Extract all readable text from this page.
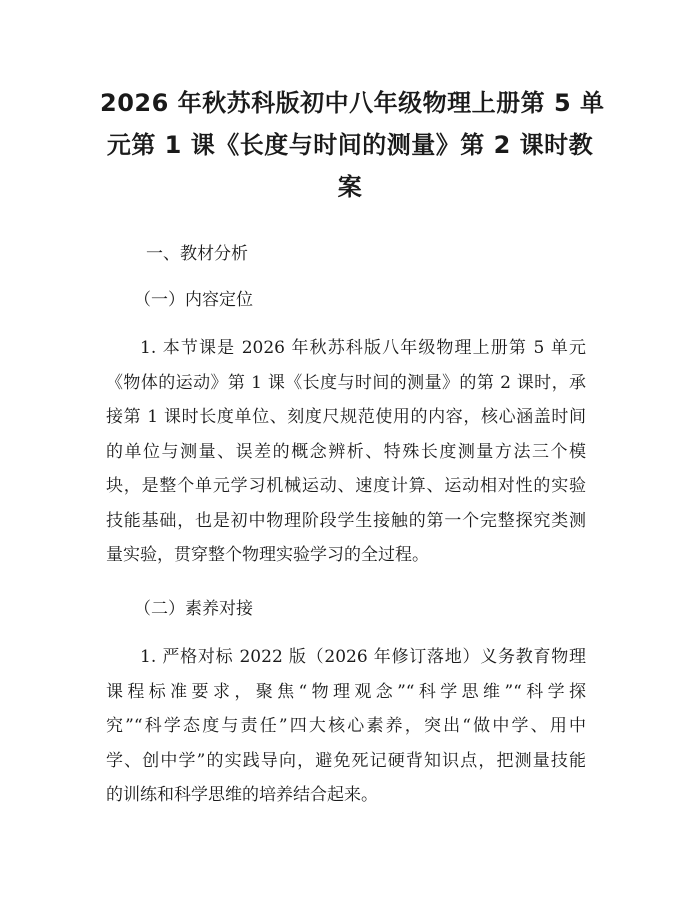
2026 年秋苏科版初中八年级物理上册第 5 单
元第 1 课《长度与时间的测量》第 2 课时教
案

一、教材分析

（一）内容定位

1. 本节课是 2026 年秋苏科版八年级物理上册第 5 单元
《物体的运动》第 1 课《长度与时间的测量》的第 2 课时，承
接第 1 课时长度单位、刻度尺规范使用的内容，核心涵盖时间
的单位与测量、误差的概念辨析、特殊长度测量方法三个模
块，是整个单元学习机械运动、速度计算、运动相对性的实验
技能基础，也是初中物理阶段学生接触的第一个完整探究类测
量实验，贯穿整个物理实验学习的全过程。

（二）素养对接

1. 严格对标 2022 版（2026 年修订落地）义务教育物理
课程标准要求，聚焦“物理观念”“科学思维”“科学探
究”“科学态度与责任”四大核心素养，突出“做中学、用中
学、创中学”的实践导向，避免死记硬背知识点，把测量技能
的训练和科学思维的培养结合起来。
